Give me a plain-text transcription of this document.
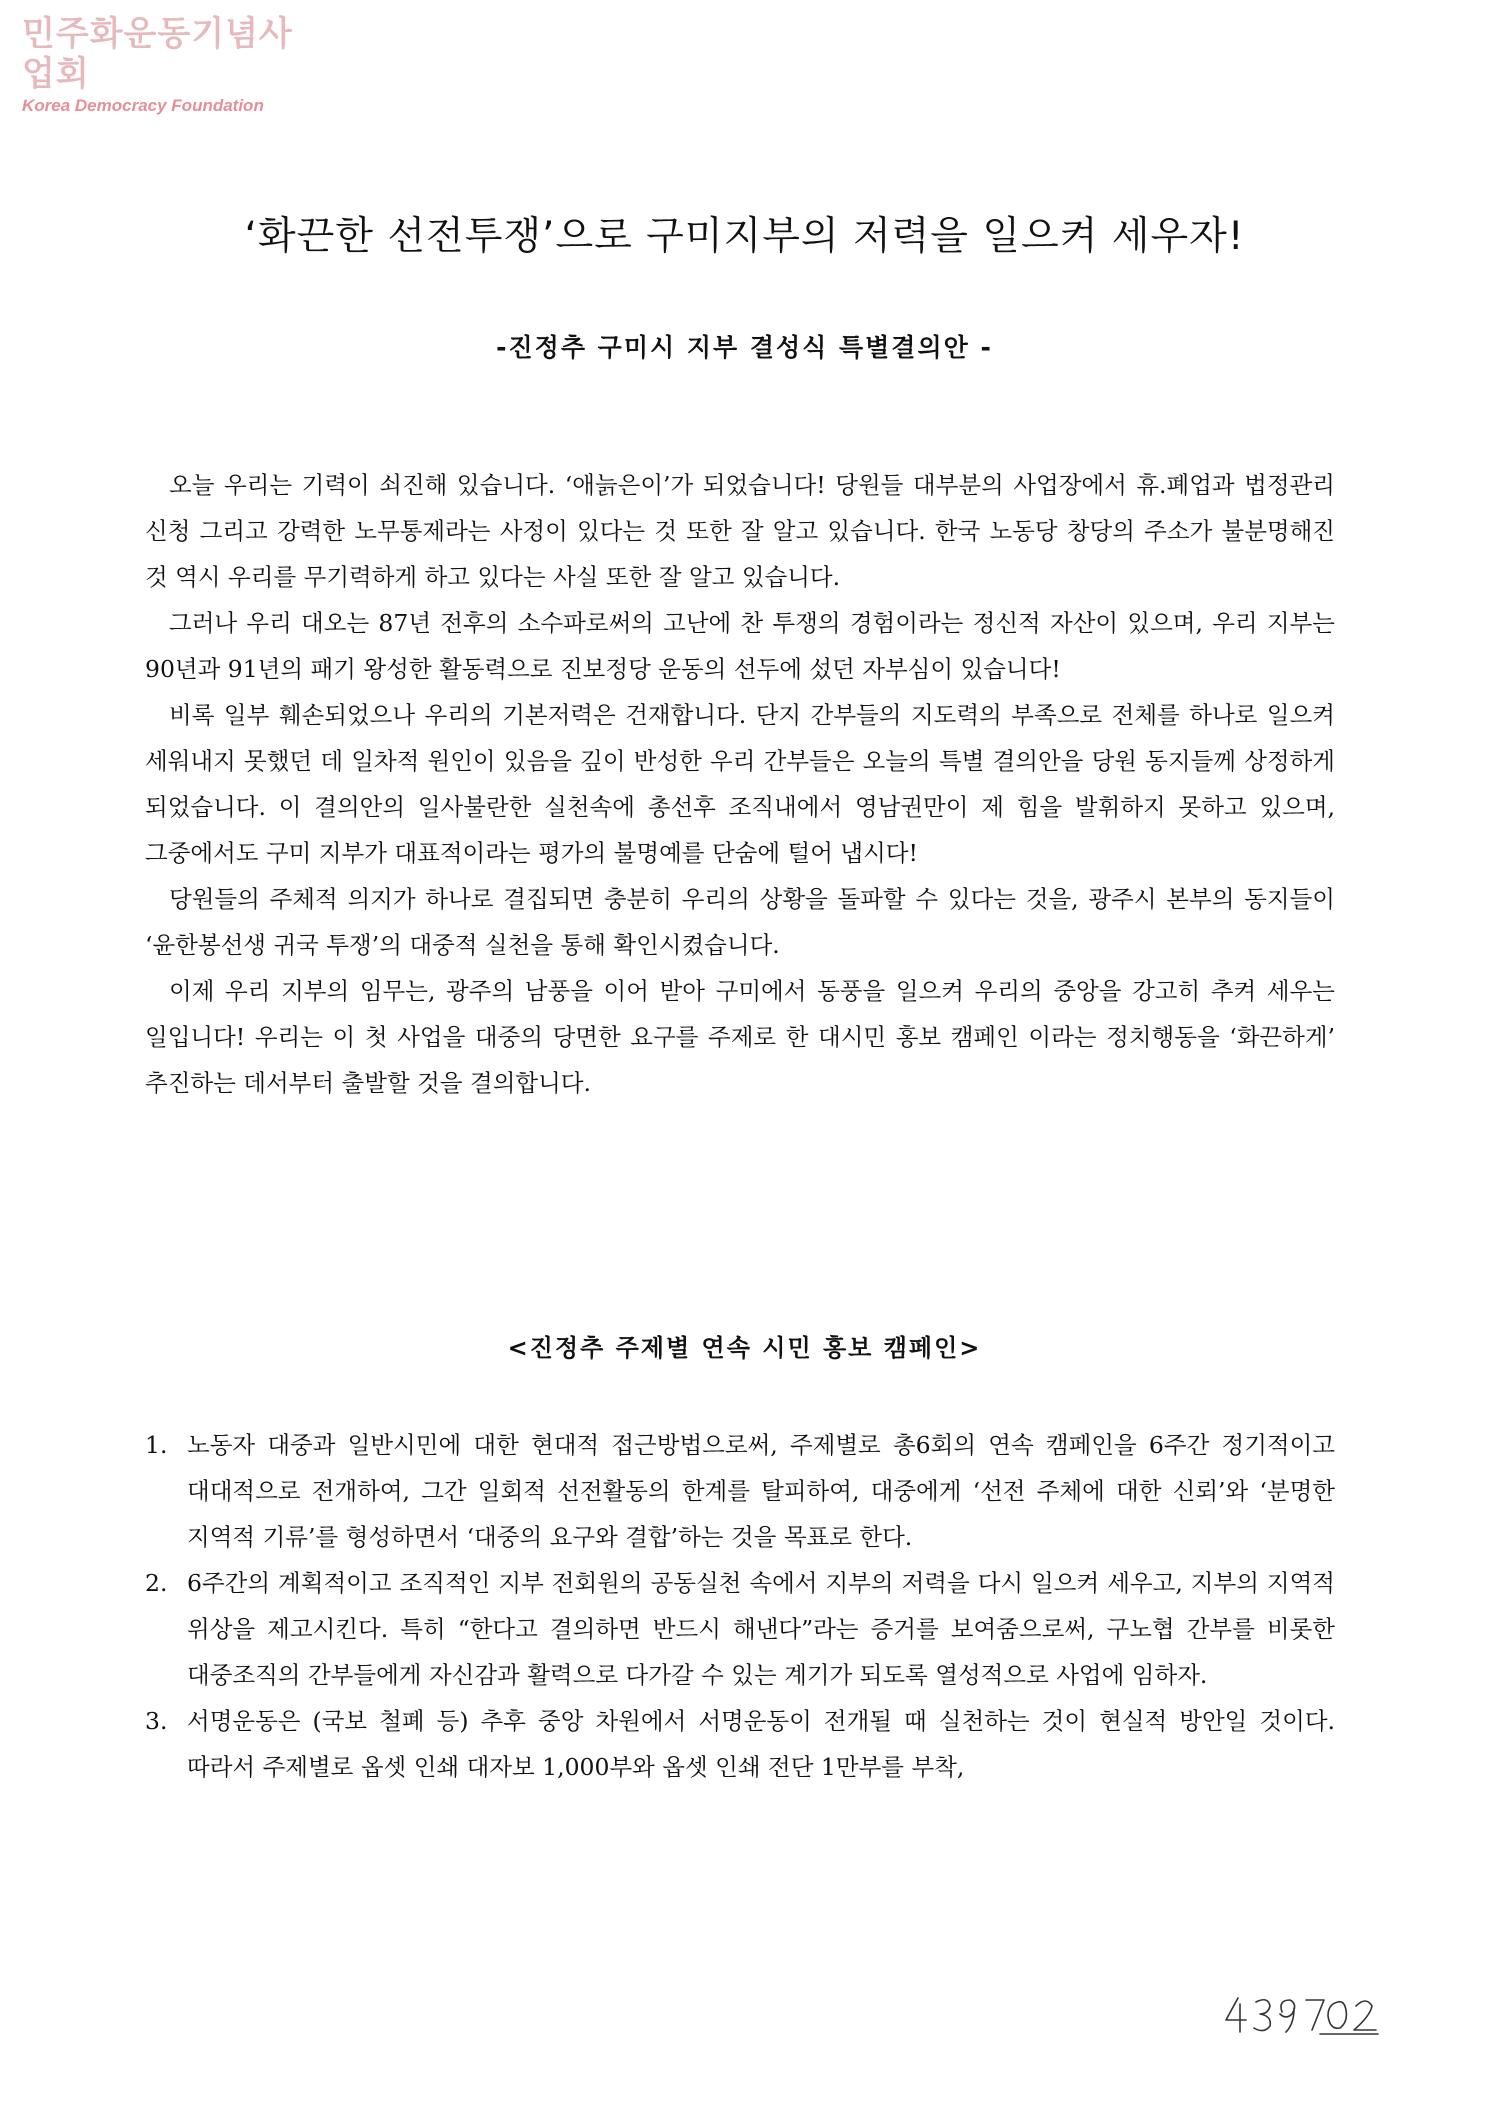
민주화운동기념사업회
Korea Democracy Foundation
‘화끈한 선전투쟁’으로 구미지부의 저력을 일으켜 세우자!
-진정추 구미시 지부 결성식 특별결의안 -

오늘 우리는 기력이 쇠진해 있습니다. ‘애늙은이’가 되었습니다! 당원들 대부분의 사업장에서 휴.폐업과 법정관리 신청 그리고 강력한 노무통제라는 사정이 있다는 것 또한 잘 알고 있습니다. 한국 노동당 창당의 주소가 불분명해진 것 역시 우리를 무기력하게 하고 있다는 사실 또한 잘 알고 있습니다.

그러나 우리 대오는 87년 전후의 소수파로써의 고난에 찬 투쟁의 경험이라는 정신적 자산이 있으며, 우리 지부는 90년과 91년의 패기 왕성한 활동력으로 진보정당 운동의 선두에 섰던 자부심이 있습니다!

비록 일부 훼손되었으나 우리의 기본저력은 건재합니다. 단지 간부들의 지도력의 부족으로 전체를 하나로 일으켜 세워내지 못했던 데 일차적 원인이 있음을 깊이 반성한 우리 간부들은 오늘의 특별 결의안을 당원 동지들께 상정하게 되었습니다. 이 결의안의 일사불란한 실천속에 총선후 조직내에서 영남권만이 제 힘을 발휘하지 못하고 있으며, 그중에서도 구미 지부가 대표적이라는 평가의 불명예를 단숨에 털어 냅시다!

당원들의 주체적 의지가 하나로 결집되면 충분히 우리의 상황을 돌파할 수 있다는 것을, 광주시 본부의 동지들이 ‘윤한봉선생 귀국 투쟁’의 대중적 실천을 통해 확인시켰습니다.

이제 우리 지부의 임무는, 광주의 남풍을 이어 받아 구미에서 동풍을 일으켜 우리의 중앙을 강고히 추켜 세우는 일입니다! 우리는 이 첫 사업을 대중의 당면한 요구를 주제로 한 대시민 홍보 캠페인 이라는 정치행동을 ‘화끈하게’ 추진하는 데서부터 출발할 것을 결의합니다.

<진정추 주제별 연속 시민 홍보 캠페인>
1. 노동자 대중과 일반시민에 대한 현대적 접근방법으로써, 주제별로 총6회의 연속 캠페인을 6주간 정기적이고 대대적으로 전개하여, 그간 일회적 선전활동의 한계를 탈피하여, 대중에게 ‘선전 주체에 대한 신뢰’와 ‘분명한 지역적 기류’를 형성하면서 ‘대중의 요구와 결합’하는 것을 목표로 한다.
2. 6주간의 계획적이고 조직적인 지부 전회원의 공동실천 속에서 지부의 저력을 다시 일으켜 세우고, 지부의 지역적 위상을 제고시킨다. 특히 “한다고 결의하면 반드시 해낸다”라는 증거를 보여줌으로써, 구노협 간부를 비롯한 대중조직의 간부들에게 자신감과 활력으로 다가갈 수 있는 계기가 되도록 열성적으로 사업에 임하자.
3. 서명운동은 (국보 철폐 등) 추후 중앙 차원에서 서명운동이 전개될 때 실천하는 것이 현실적 방안일 것이다. 따라서 주제별로 옵셋 인쇄 대자보 1,000부와 옵셋 인쇄 전단 1만부를 부착,
